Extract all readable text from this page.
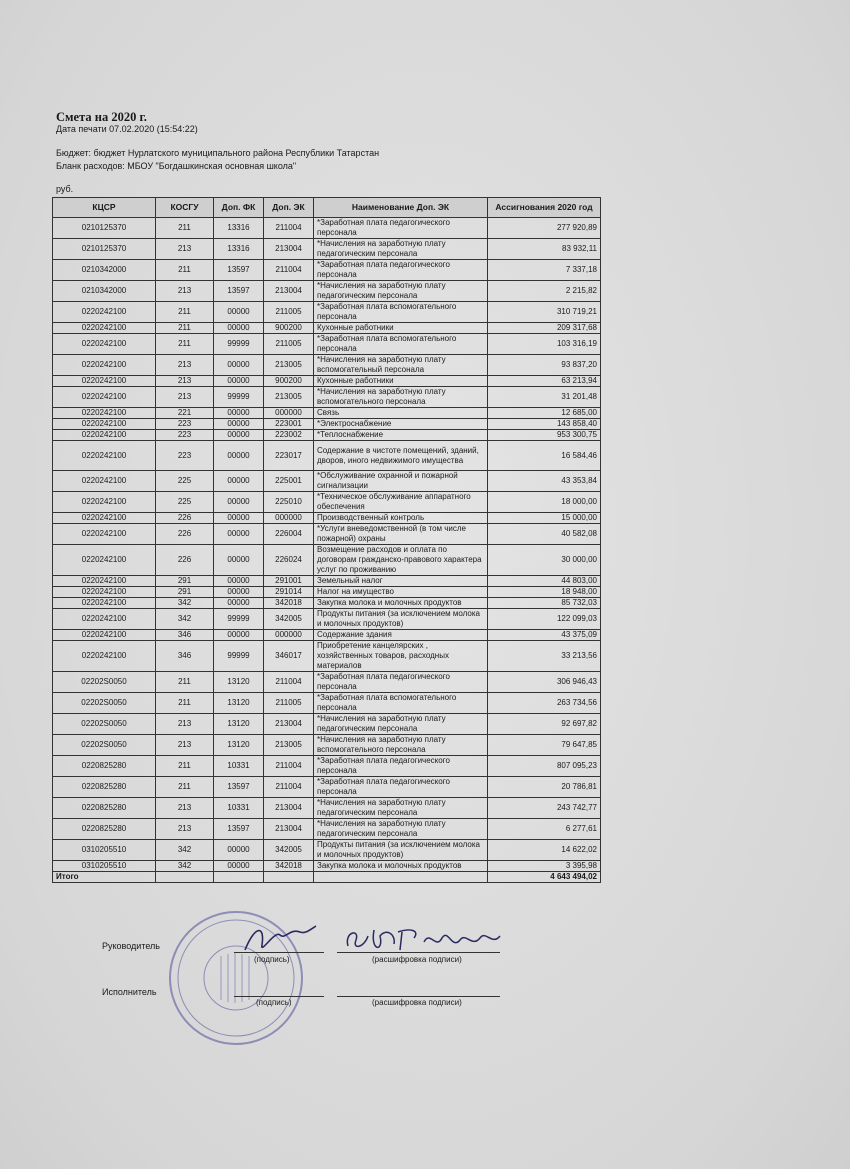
Смета на 2020 г.
Дата печати 07.02.2020 (15:54:22)
Бюджет: бюджет Нурлатского муниципального района Республики Татарстан
Бланк расходов: МБОУ "Богдашкинская основная школа"
руб.
КЦСР	КОСГУ	Доп. ФК	Доп. ЭК	Наименование Доп. ЭК	Ассигнования 2020 год
0210125370	211	13316	211004	*Заработная плата педагогического персонала	277 920,89
0210125370	213	13316	213004	*Начисления на заработную плату педагогическим персонала	83 932,11
0210342000	211	13597	211004	*Заработная плата педагогического персонала	7 337,18
0210342000	213	13597	213004	*Начисления на заработную плату педагогическим персонала	2 215,82
0220242100	211	00000	211005	*Заработная плата вспомогательного персонала	310 719,21
0220242100	211	00000	900200	Кухонные работники	209 317,68
0220242100	211	99999	211005	*Заработная плата вспомогательного персонала	103 316,19
0220242100	213	00000	213005	*Начисления на заработную плату вспомогательный персонала	93 837,20
0220242100	213	00000	900200	Кухонные работники	63 213,94
0220242100	213	99999	213005	*Начисления на заработную плату вспомогательного персонала	31 201,48
0220242100	221	00000	000000	Связь	12 685,00
0220242100	223	00000	223001	*Электроснабжение	143 858,40
0220242100	223	00000	223002	*Теплоснабжение	953 300,75
0220242100	223	00000	223017	Содержание в чистоте помещений, зданий, дворов, иного недвижимого имущества	16 584,46
0220242100	225	00000	225001	*Обслуживание охранной и пожарной сигнализации	43 353,84
0220242100	225	00000	225010	*Техническое обслуживание аппаратного обеспечения	18 000,00
0220242100	226	00000	000000	Производственный контроль	15 000,00
0220242100	226	00000	226004	*Услуги вневедомственной (в том числе пожарной) охраны	40 582,08
0220242100	226	00000	226024	Возмещение расходов и оплата по договорам гражданско-правового характера услуг по проживанию	30 000,00
0220242100	291	00000	291001	Земельный налог	44 803,00
0220242100	291	00000	291014	Налог на имущество	18 948,00
0220242100	342	00000	342018	Закупка молока и молочных продуктов	85 732,03
0220242100	342	99999	342005	Продукты питания (за исключением молока и молочных продуктов)	122 099,03
0220242100	346	00000	000000	Содержание здания	43 375,09
0220242100	346	99999	346017	Приобретение канцелярских , хозяйственных товаров, расходных материалов	33 213,56
02202S0050	211	13120	211004	*Заработная плата педагогического персонала	306 946,43
02202S0050	211	13120	211005	*Заработная плата вспомогательного персонала	263 734,56
02202S0050	213	13120	213004	*Начисления на заработную плату педагогическим персонала	92 697,82
02202S0050	213	13120	213005	*Начисления на заработную плату вспомогательного персонала	79 647,85
0220825280	211	10331	211004	*Заработная плата педагогического персонала	807 095,23
0220825280	211	13597	211004	*Заработная плата педагогического персонала	20 786,81
0220825280	213	10331	213004	*Начисления на заработную плату педагогическим персонала	243 742,77
0220825280	213	13597	213004	*Начисления на заработную плату педагогическим персонала	6 277,61
0310205510	342	00000	342005	Продукты питания (за исключением молока и молочных продуктов)	14 622,02
0310205510	342	00000	342018	Закупка молока и молочных продуктов	3 395,98
Итого					4 643 494,02
Руководитель
(подпись)	(расшифровка подписи)
Исполнитель
(подпись)	(расшифровка подписи)
